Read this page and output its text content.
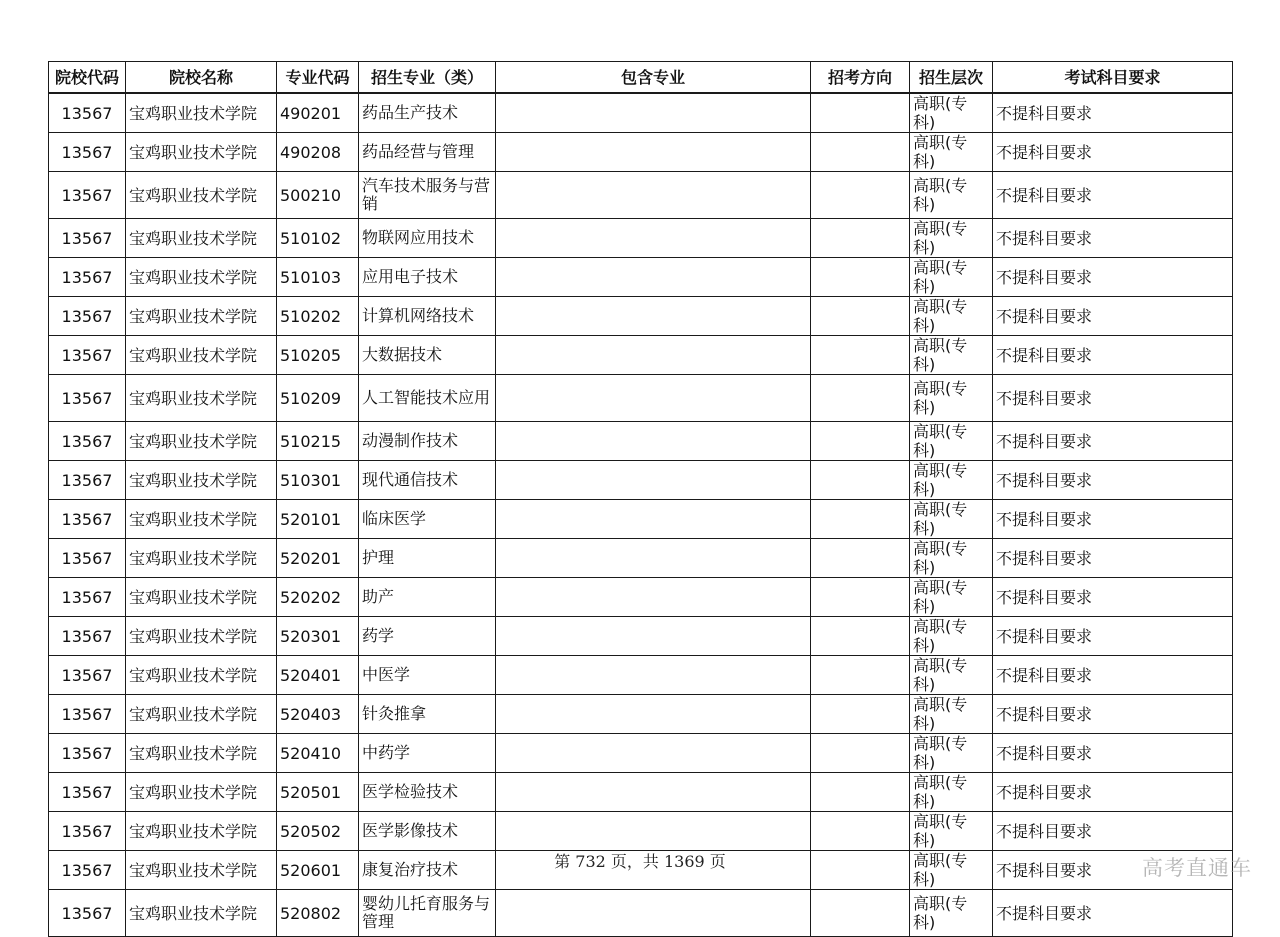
院校代码	院校名称	专业代码	招生专业（类）	包含专业	招考方向	招生层次	考试科目要求
13567	宝鸡职业技术学院	490201	药品生产技术			高职(专科)	不提科目要求
13567	宝鸡职业技术学院	490208	药品经营与管理			高职(专科)	不提科目要求
13567	宝鸡职业技术学院	500210	汽车技术服务与营销			高职(专科)	不提科目要求
13567	宝鸡职业技术学院	510102	物联网应用技术			高职(专科)	不提科目要求
13567	宝鸡职业技术学院	510103	应用电子技术			高职(专科)	不提科目要求
13567	宝鸡职业技术学院	510202	计算机网络技术			高职(专科)	不提科目要求
13567	宝鸡职业技术学院	510205	大数据技术			高职(专科)	不提科目要求
13567	宝鸡职业技术学院	510209	人工智能技术应用			高职(专科)	不提科目要求
13567	宝鸡职业技术学院	510215	动漫制作技术			高职(专科)	不提科目要求
13567	宝鸡职业技术学院	510301	现代通信技术			高职(专科)	不提科目要求
13567	宝鸡职业技术学院	520101	临床医学			高职(专科)	不提科目要求
13567	宝鸡职业技术学院	520201	护理			高职(专科)	不提科目要求
13567	宝鸡职业技术学院	520202	助产			高职(专科)	不提科目要求
13567	宝鸡职业技术学院	520301	药学			高职(专科)	不提科目要求
13567	宝鸡职业技术学院	520401	中医学			高职(专科)	不提科目要求
13567	宝鸡职业技术学院	520403	针灸推拿			高职(专科)	不提科目要求
13567	宝鸡职业技术学院	520410	中药学			高职(专科)	不提科目要求
13567	宝鸡职业技术学院	520501	医学检验技术			高职(专科)	不提科目要求
13567	宝鸡职业技术学院	520502	医学影像技术			高职(专科)	不提科目要求
13567	宝鸡职业技术学院	520601	康复治疗技术			高职(专科)	不提科目要求
13567	宝鸡职业技术学院	520802	婴幼儿托育服务与管理			高职(专科)	不提科目要求
第 732 页，共 1369 页	高考直通车
